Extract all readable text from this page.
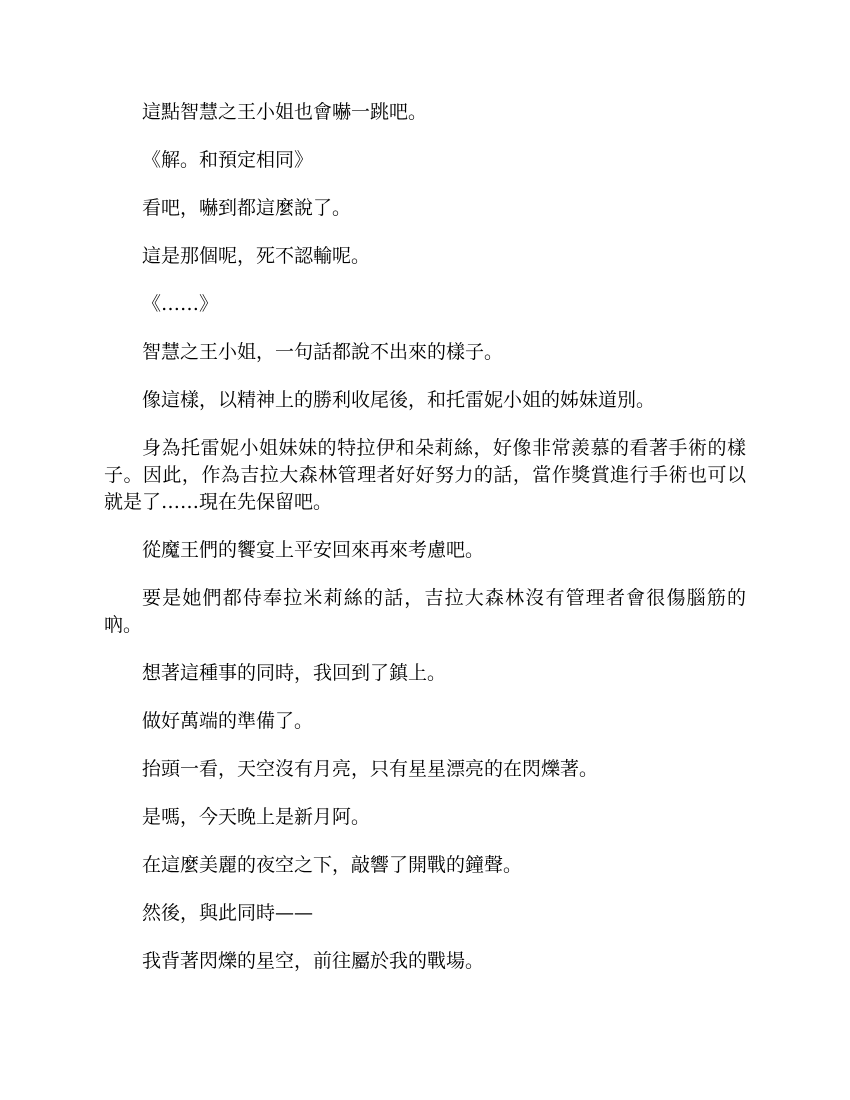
這點智慧之王小姐也會嚇一跳吧。

《解。和預定相同》

看吧，嚇到都這麼說了。

這是那個呢，死不認輸呢。

《……》

智慧之王小姐，一句話都說不出來的樣子。

像這樣，以精神上的勝利收尾後，和托雷妮小姐的姊妹道別。

身為托雷妮小姐妹妹的特拉伊和朵莉絲，好像非常羨慕的看著手術的樣子。因此，作為吉拉大森林管理者好好努力的話，當作獎賞進行手術也可以就是了……現在先保留吧。

從魔王們的饗宴上平安回來再來考慮吧。

要是她們都侍奉拉米莉絲的話，吉拉大森林沒有管理者會很傷腦筋的吶。

想著這種事的同時，我回到了鎮上。

做好萬端的準備了。

抬頭一看，天空沒有月亮，只有星星漂亮的在閃爍著。

是嗎，今天晚上是新月阿。

在這麼美麗的夜空之下，敲響了開戰的鐘聲。

然後，與此同時——

我背著閃爍的星空，前往屬於我的戰場。
